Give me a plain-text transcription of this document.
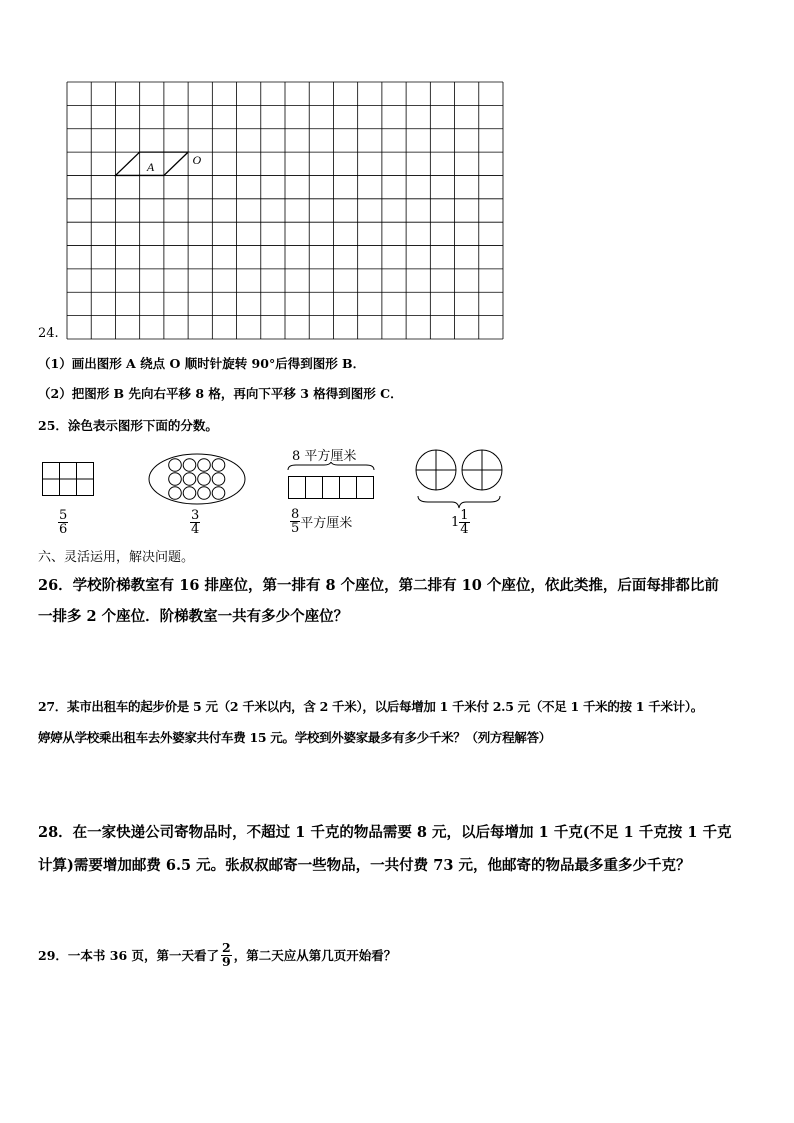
24.
A
O
（1）画出图形 A 绕点 O 顺时针旋转 90°后得到图形 B．
（2）把图形 B 先向右平移 8 格，再向下平移 3 格得到图形 C．
25．涂色表示图形下面的分数。
$\frac{5}{6}$	$\frac{3}{4}$
8 平方厘米
$\frac{8}{5}$ 平方厘米	$1 \frac{1}{4}$
六、灵活运用，解决问题。
26．学校阶梯教室有 16 排座位，第一排有 8 个座位，第二排有 10 个座位，依此类推，后面每排都比前
一排多 2 个座位．阶梯教室一共有多少个座位？
27．某市出租车的起步价是 5 元（2 千米以内，含 2 千米），以后每增加 1 千米付 2.5 元（不足 1 千米的按 1 千米计）。
婷婷从学校乘出租车去外婆家共付车费 15 元。学校到外婆家最多有多少千米？（列方程解答）
28．在一家快递公司寄物品时，不超过 1 千克的物品需要 8 元，以后每增加 1 千克(不足 1 千克按 1 千克
计算)需要增加邮费 6.5 元。张叔叔邮寄一些物品，一共付费 73 元，他邮寄的物品最多重多少千克？
29．一本书 36 页，第一天看了 $\frac{2}{9}$ ，第二天应从第几页开始看？
